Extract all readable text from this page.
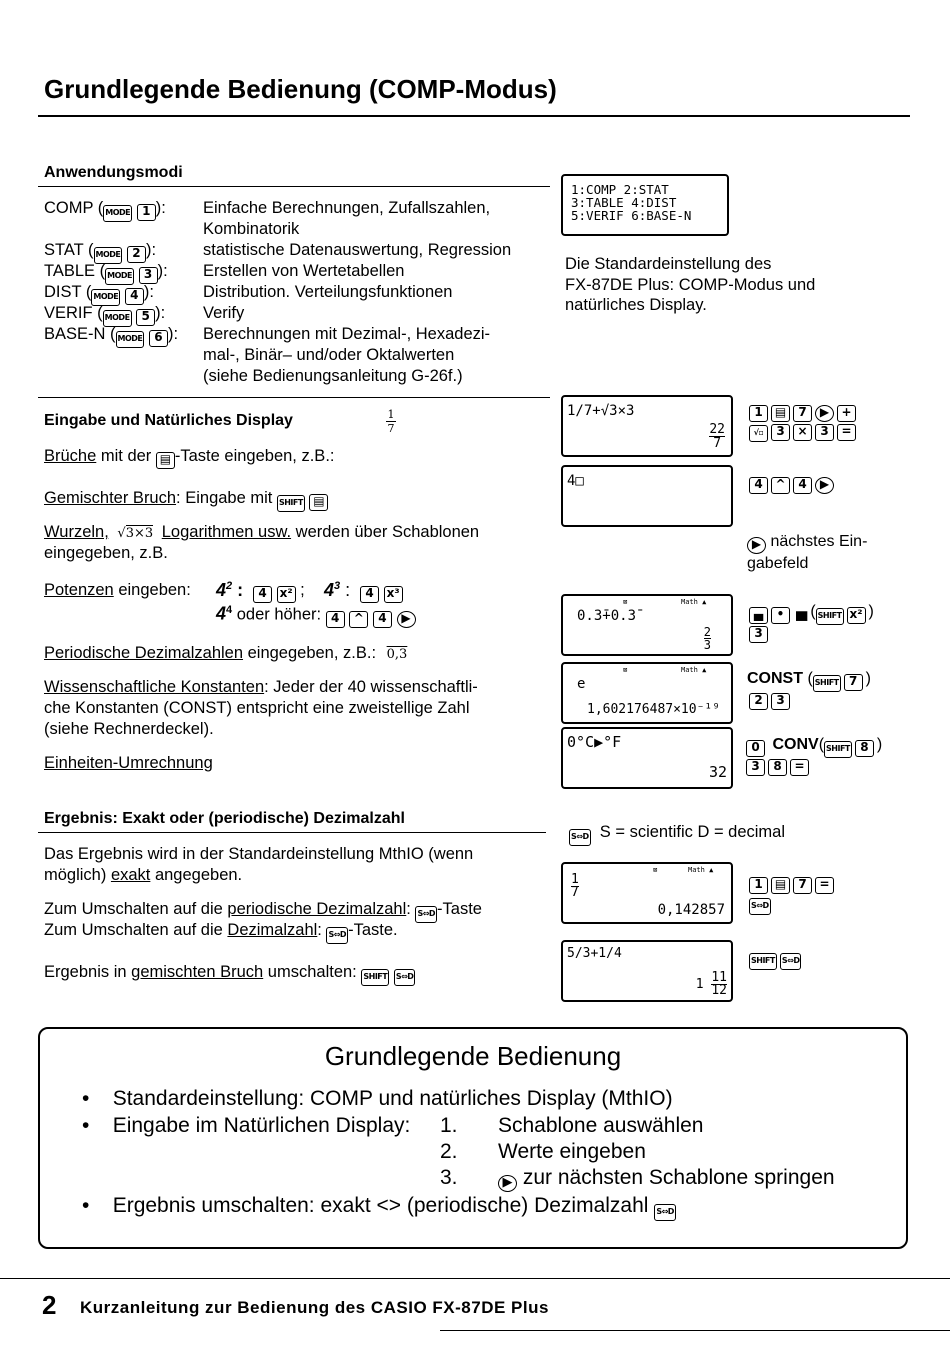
Grundlegende Bedienung (COMP-Modus)
Anwendungsmodi
COMP ( MODE 1 ): Einfache Berechnungen, Zufallszahlen,
Kombinatorik
STAT ( MODE 2 ):	statistische Datenauswertung, Regression
TABLE ( MODE 3 ): Erstellen von Wertetabellen
DIST ( MODE 4 ):	Distribution. Verteilungsfunktionen
VERIF ( MODE 5 ): Verify
BASE-N ( MODE 6 ): Berechnungen mit Dezimal-, Hexadezi-
mal-, Binär– und/oder Oktalwerten
(siehe Bedienungsanleitung G-26f.)
1:COMP 2:STAT
3:TABLE 4:DIST
5:VERIF 6:BASE-N
Die Standardeinstellung des
FX-87DE Plus: COMP-Modus und
natürliches Display.
Eingabe und Natürliches Display	$\frac{1}{7}$
Brüche mit der ▤ -Taste eingeben, z.B.:
Gemischter Bruch: Eingabe mit SHIFT ▤
Wurzeln, √3×3 Logarithmen usw. werden über Schablonen
eingegeben, z.B.
Potenzen eingeben: $4^2$ :	4 x² ; $4^3$ :	4 x³
$4^4$ oder höher: 4 ^ 4 ▶
Periodische Dezimalzahlen eingegeben, z.B.: 0,3
Wissenschaftliche Konstanten: Jeder der 40 wissenschaftli-
che Konstanten (CONST) entspricht eine zweistellige Zahl
(siehe Rechnerdeckel).
Einheiten-Umrechnung
1/7+√3×3
$\frac{22}{7}$
1 ▤ 7 ▶ +
√▫ 3 × 3 =
4□	4 ^ 4 ▶
▶ nächstes Ein-
gabefeld
⊠	Math ▲
0.3̄+0.3̄
$\frac{2}{3}$
▄ • ▄ ( SHIFT x² )
3
⊠	Math ▲
e
1,602176487×10⁻¹⁹
CONST ( SHIFT 7 )
2 3
0°C▶°F
32
0 CONV( SHIFT 8 )
3 8 =
Ergebnis: Exakt oder (periodische) Dezimalzahl
Das Ergebnis wird in der Standardeinstellung MthIO (wenn
möglich) exakt angegeben.
Zum Umschalten auf die periodische Dezimalzahl: S⇔D -Taste
Zum Umschalten auf die Dezimalzahl: S⇔D -Taste.
Ergebnis in gemischten Bruch umschalten: SHIFT S⇔D
S⇔D S = scientific D = decimal
⊠	Math ▲
$\frac{1}{7}$
0,142857
1 ▤ 7 =
S⇔D
5/3+1/4
$1 \frac{11}{12}$
SHIFT S⇔D
Grundlegende Bedienung
•    Standardeinstellung: COMP und natürliches Display (MthIO)
•    Eingabe im Natürlichen Display: 1. Schablone auswählen
2. Werte eingeben
3.	▶ zur nächsten Schablone springen
•    Ergebnis umschalten: exakt <> (periodische) Dezimalzahl S⇔D
2 Kurzanleitung zur Bedienung des CASIO FX-87DE Plus
